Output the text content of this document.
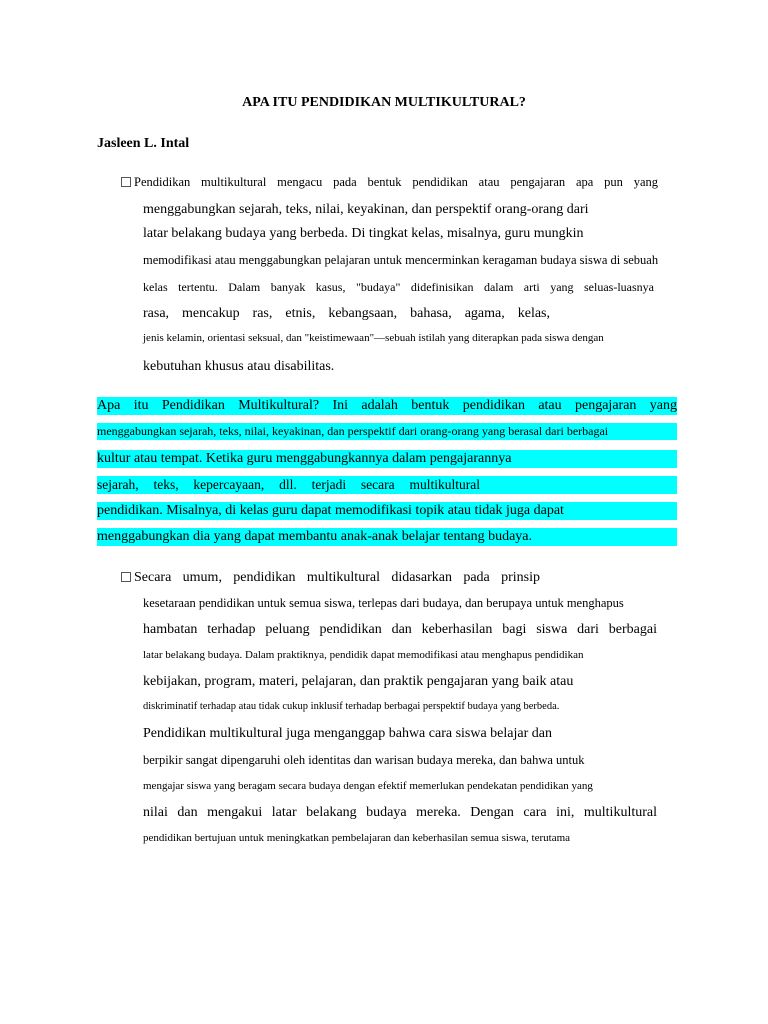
APA ITU PENDIDIKAN MULTIKULTURAL?
Jasleen L. Intal
Pendidikan multikultural mengacu pada bentuk pendidikan atau pengajaran apa pun yang
menggabungkan sejarah, teks, nilai, keyakinan, dan perspektif orang-orang dari
latar belakang budaya yang berbeda. Di tingkat kelas, misalnya, guru mungkin
memodifikasi atau menggabungkan pelajaran untuk mencerminkan keragaman budaya siswa di sebuah
kelas tertentu. Dalam banyak kasus, "budaya" didefinisikan dalam arti yang seluas-luasnya
rasa, mencakup ras, etnis, kebangsaan, bahasa, agama, kelas,
jenis kelamin, orientasi seksual, dan "keistimewaan"—sebuah istilah yang diterapkan pada siswa dengan
kebutuhan khusus atau disabilitas.
Apa itu Pendidikan Multikultural? Ini adalah bentuk pendidikan atau pengajaran yang
menggabungkan sejarah, teks, nilai, keyakinan, dan perspektif dari orang-orang yang berasal dari berbagai
kultur atau tempat. Ketika guru menggabungkannya dalam pengajarannya
sejarah, teks, kepercayaan, dll. terjadi secara multikultural
pendidikan. Misalnya, di kelas guru dapat memodifikasi topik atau tidak juga dapat
menggabungkan dia yang dapat membantu anak-anak belajar tentang budaya.
Secara umum, pendidikan multikultural didasarkan pada prinsip
kesetaraan pendidikan untuk semua siswa, terlepas dari budaya, dan berupaya untuk menghapus
hambatan terhadap peluang pendidikan dan keberhasilan bagi siswa dari berbagai
latar belakang budaya. Dalam praktiknya, pendidik dapat memodifikasi atau menghapus pendidikan
kebijakan, program, materi, pelajaran, dan praktik pengajaran yang baik atau
diskriminatif terhadap atau tidak cukup inklusif terhadap berbagai perspektif budaya yang berbeda.
Pendidikan multikultural juga menganggap bahwa cara siswa belajar dan
berpikir sangat dipengaruhi oleh identitas dan warisan budaya mereka, dan bahwa untuk
mengajar siswa yang beragam secara budaya dengan efektif memerlukan pendekatan pendidikan yang
nilai dan mengakui latar belakang budaya mereka. Dengan cara ini, multikultural
pendidikan bertujuan untuk meningkatkan pembelajaran dan keberhasilan semua siswa, terutama
